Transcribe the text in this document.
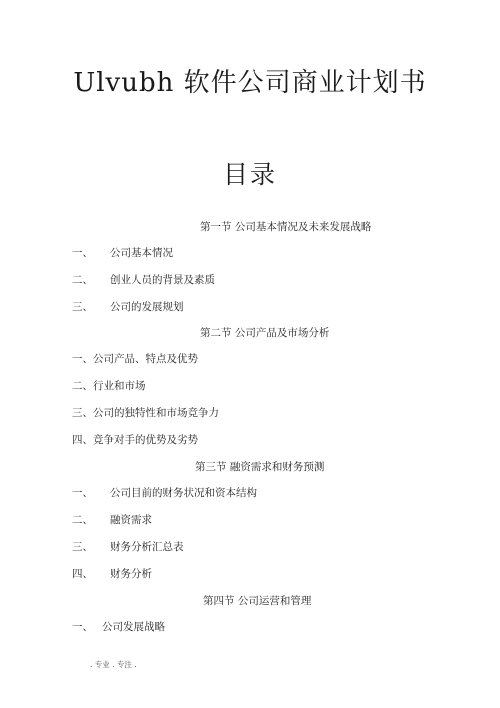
Ulvubh 软件公司商业计划书
目录
第一节 公司基本情况及未来发展战略
一、 公司基本情况
二、 创业人员的背景及素质
三、 公司的发展规划
第二节 公司产品及市场分析
一、公司产品、特点及优势
二、行业和市场
三、公司的独特性和市场竞争力
四、竞争对手的优势及劣势
第三节 融资需求和财务预测
一、 公司目前的财务状况和资本结构
二、 融资需求
三、 财务分析汇总表
四、 财务分析
第四节 公司运营和管理
一、 公司发展战略
. 专业 . 专注 .
